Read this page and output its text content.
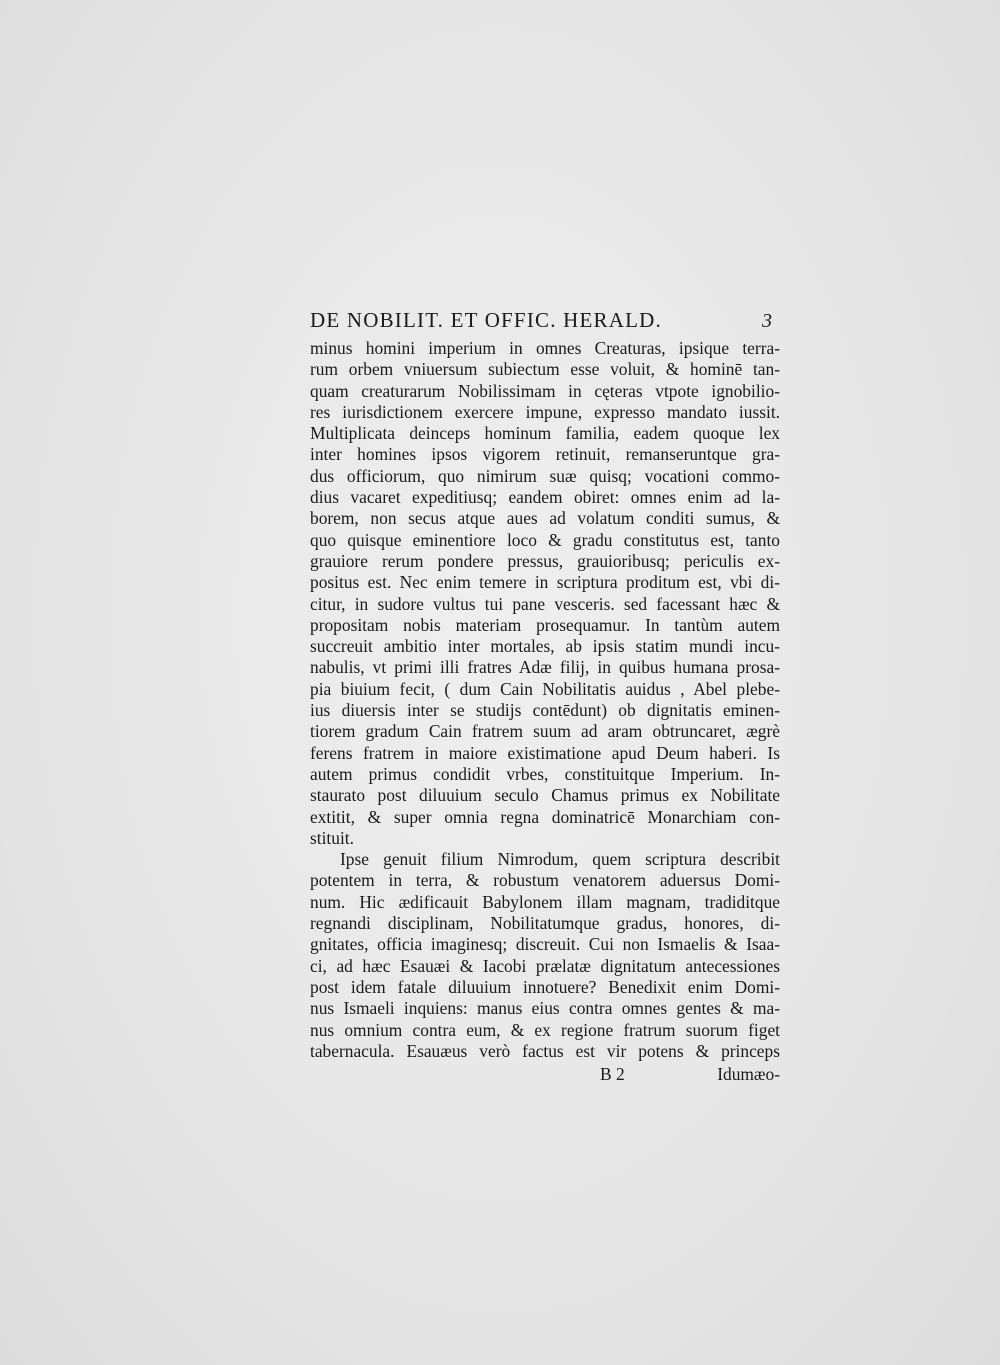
DE NOBILIT. ET OFFIC. HERALD.	3
minus homini imperium in omnes Creaturas, ipsique terra-
rum orbem vniuersum subiectum esse voluit, & hominē tan-
quam creaturarum Nobilissimam in cęteras vtpote ignobilio-
res iurisdictionem exercere impune, expresso mandato iussit.
Multiplicata deinceps hominum familia, eadem quoque lex
inter homines ipsos vigorem retinuit, remanseruntque gra-
dus officiorum, quo nimirum suæ quisq; vocationi commo-
dius vacaret expeditiusq; eandem obiret: omnes enim ad la-
borem, non secus atque aues ad volatum conditi sumus, &
quo quisque eminentiore loco & gradu constitutus est, tanto
grauiore rerum pondere pressus, grauioribusq; periculis ex-
positus est. Nec enim temere in scriptura proditum est, vbi di-
citur, in sudore vultus tui pane vesceris. sed facessant hæc &
propositam nobis materiam prosequamur. In tantùm autem
succreuit ambitio inter mortales, ab ipsis statim mundi incu-
nabulis, vt primi illi fratres Adæ filij, in quibus humana prosa-
pia biuium fecit, ( dum Cain Nobilitatis auidus , Abel plebe-
ius diuersis inter se studijs contēdunt) ob dignitatis eminen-
tiorem gradum Cain fratrem suum ad aram obtruncaret, ægrè
ferens fratrem in maiore existimatione apud Deum haberi. Is
autem primus condidit vrbes, constituitque Imperium. In-
staurato post diluuium seculo Chamus primus ex Nobilitate
extitit, & super omnia regna dominatricē Monarchiam con-
stituit.
Ipse genuit filium Nimrodum, quem scriptura describit
potentem in terra, & robustum venatorem aduersus Domi-
num. Hic ædificauit Babylonem illam magnam, tradiditque
regnandi disciplinam, Nobilitatumque gradus, honores, di-
gnitates, officia imaginesq; discreuit. Cui non Ismaelis & Isaa-
ci, ad hæc Esauæi & Iacobi prælatæ dignitatum antecessiones
post idem fatale diluuium innotuere? Benedixit enim Domi-
nus Ismaeli inquiens: manus eius contra omnes gentes & ma-
nus omnium contra eum, & ex regione fratrum suorum figet
tabernacula. Esauæus verò factus est vir potens & princeps
B 2	Idumæo-
